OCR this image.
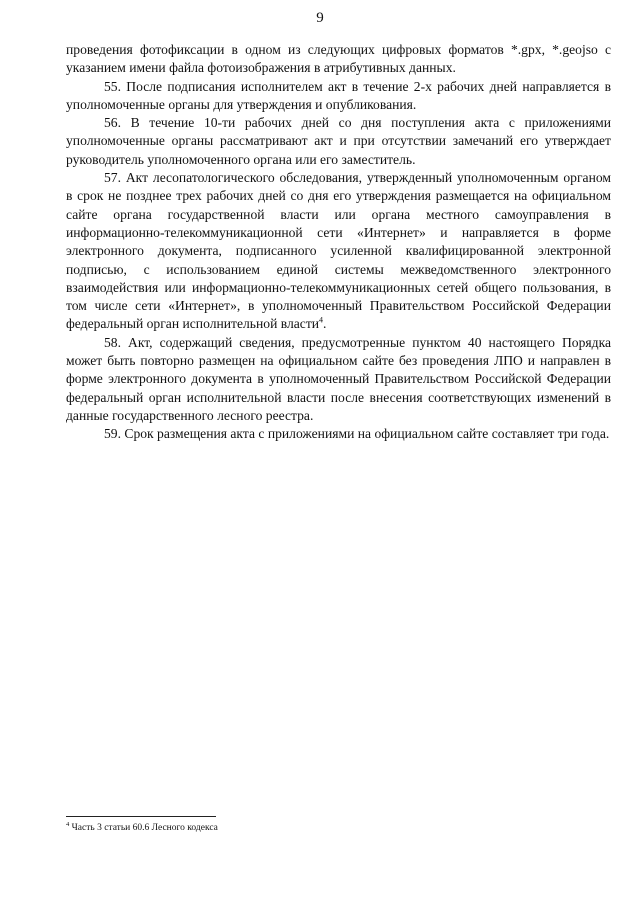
9

проведения фотофиксации в одном из следующих цифровых форматов *.gpx, *.geojso с указанием имени файла фотоизображения в атрибутивных данных.

55. После подписания исполнителем акт в течение 2-х рабочих дней направляется в уполномоченные органы для утверждения и опубликования.

56. В течение 10-ти рабочих дней со дня поступления акта с приложениями уполномоченные органы рассматривают акт и при отсутствии замечаний его утверждает руководитель уполномоченного органа или его заместитель.

57. Акт лесопатологического обследования, утвержденный уполномоченным органом в срок не позднее трех рабочих дней со дня его утверждения размещается на официальном сайте органа государственной власти или органа местного самоуправления в информационно-телекоммуникационной сети «Интернет» и направляется в форме электронного документа, подписанного усиленной квалифицированной электронной подписью, с использованием единой системы межведомственного электронного взаимодействия или информационно-телекоммуникационных сетей общего пользования, в том числе сети «Интернет», в уполномоченный Правительством Российской Федерации федеральный орган исполнительной власти$^4$.

58. Акт, содержащий сведения, предусмотренные пунктом 40 настоящего Порядка может быть повторно размещен на официальном сайте без проведения ЛПО и направлен в форме электронного документа в уполномоченный Правительством Российской Федерации федеральный орган исполнительной власти после внесения соответствующих изменений в данные государственного лесного реестра.

59. Срок размещения акта с приложениями на официальном сайте составляет три года.

$^4$ Часть 3 статьи 60.6 Лесного кодекса
